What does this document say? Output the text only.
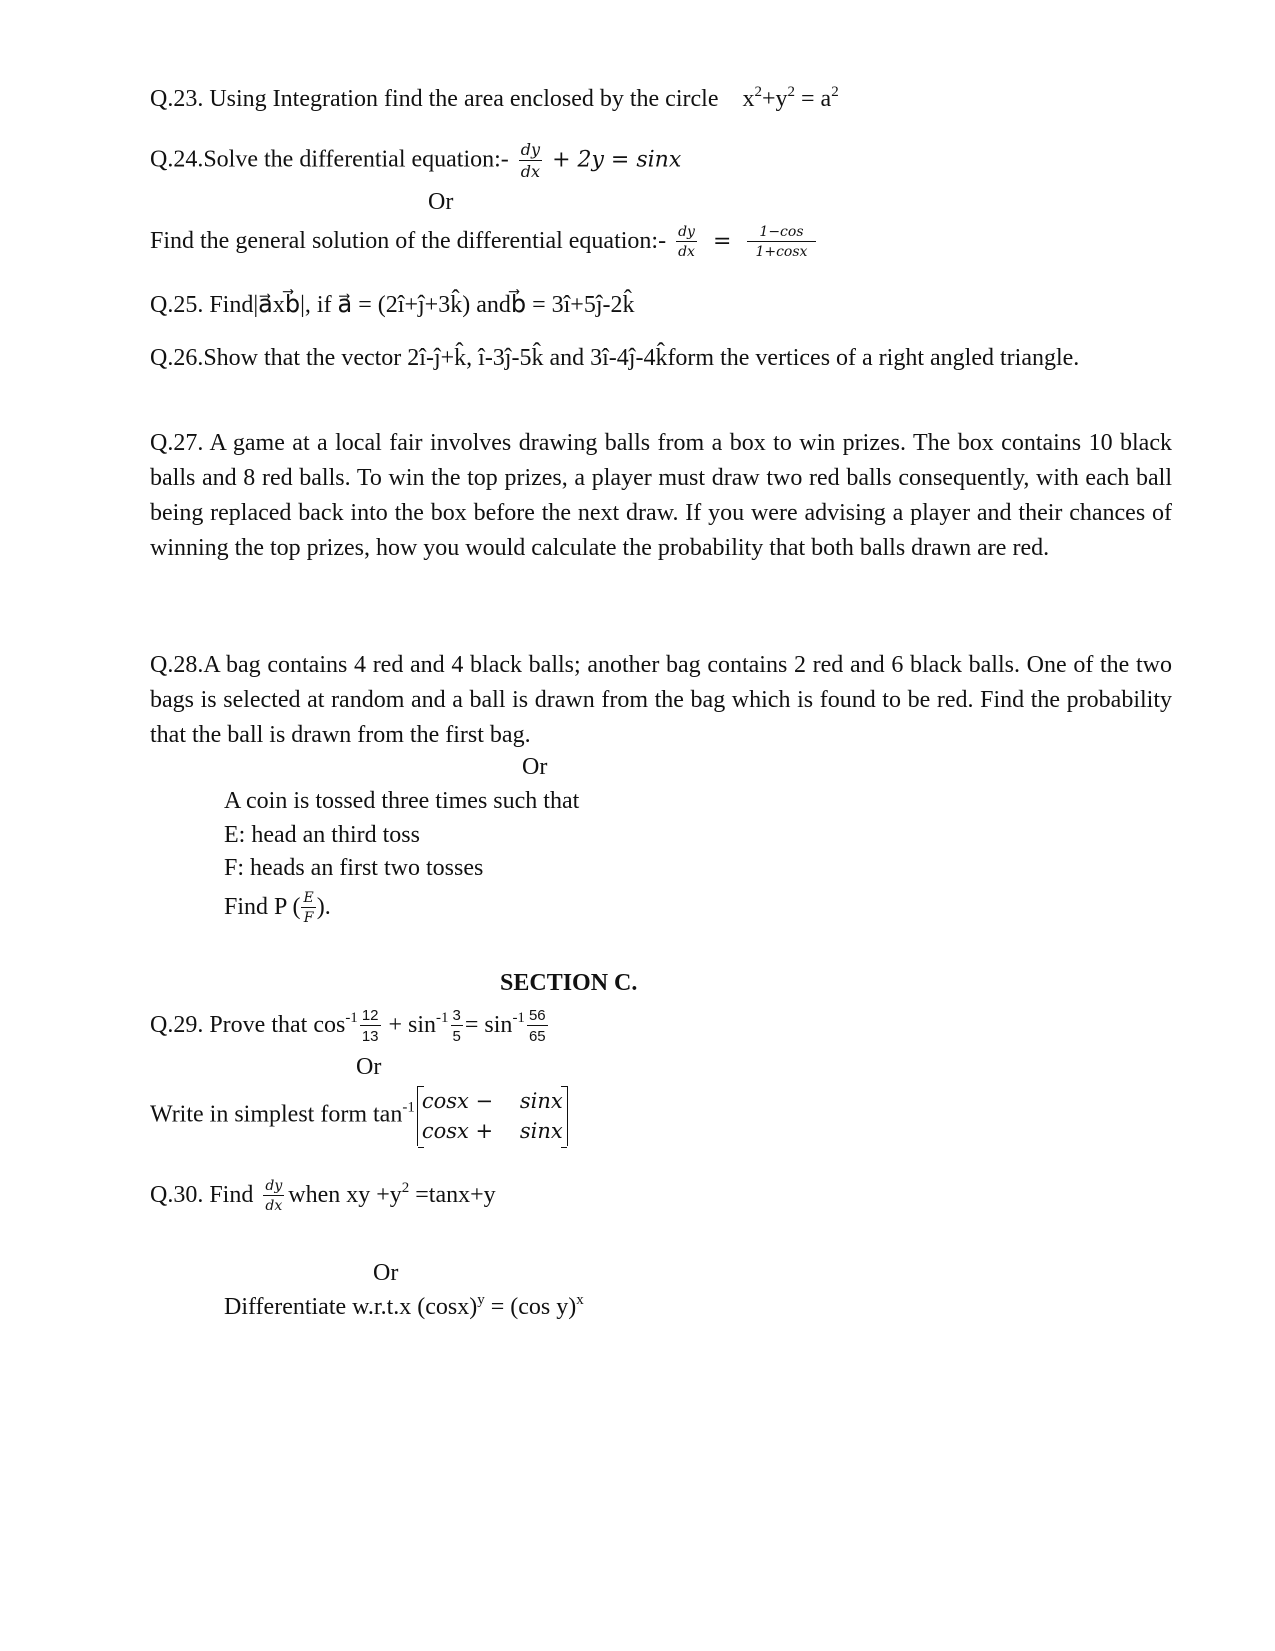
Q.23. Using Integration find the area enclosed by the circle $x^2+y^2 = a^2$
Q.24.Solve the differential equation:- $\frac{dy}{dx} + 2y = \sin x$
Or
Find the general solution of the differential equation:- $\frac{dy}{dx} = \frac{1-\cos}{1+\cos x}$
Q.25. Find|a⃗xb⃗|, if a⃗ = (2î+ĵ+3k̂) andb⃗ = 3î+5ĵ-2k̂
Q.26.Show that the vector 2î-ĵ+k̂, î-3ĵ-5k̂ and 3î-4ĵ-4k̂form the vertices of a right angled triangle.
Q.27. A game at a local fair involves drawing balls from a box to win prizes. The box contains 10 black balls and 8 red balls. To win the top prizes, a player must draw two red balls consequently, with each ball being replaced back into the box before the next draw. If you were advising a player and their chances of winning the top prizes, how you would calculate the probability that both balls drawn are red.
Q.28.A bag contains 4 red and 4 black balls; another bag contains 2 red and 6 black balls. One of the two bags is selected at random and a ball is drawn from the bag which is found to be red. Find the probability that the ball is drawn from the first bag.
Or
A coin is tossed three times such that
E: head an third toss
F: heads an first two tosses
Find P ( $\frac{E}{F}$ ).
SECTION C.
Q.29. Prove that $\cos^{-1} \frac{12}{13} + \sin^{-1} \frac{3}{5} = \sin^{-1} \frac{56}{65}$
Or
Write in simplest form $\tan^{-1} \cos x$ −    sinx
cosx +    sinx
Q.30. Find $\frac{dy}{dx}$ when xy $+y^2 =\tan x+y$
Or
Differentiate w.r.t.x $(\cos x)^y = (\cos$ y)$^x$
